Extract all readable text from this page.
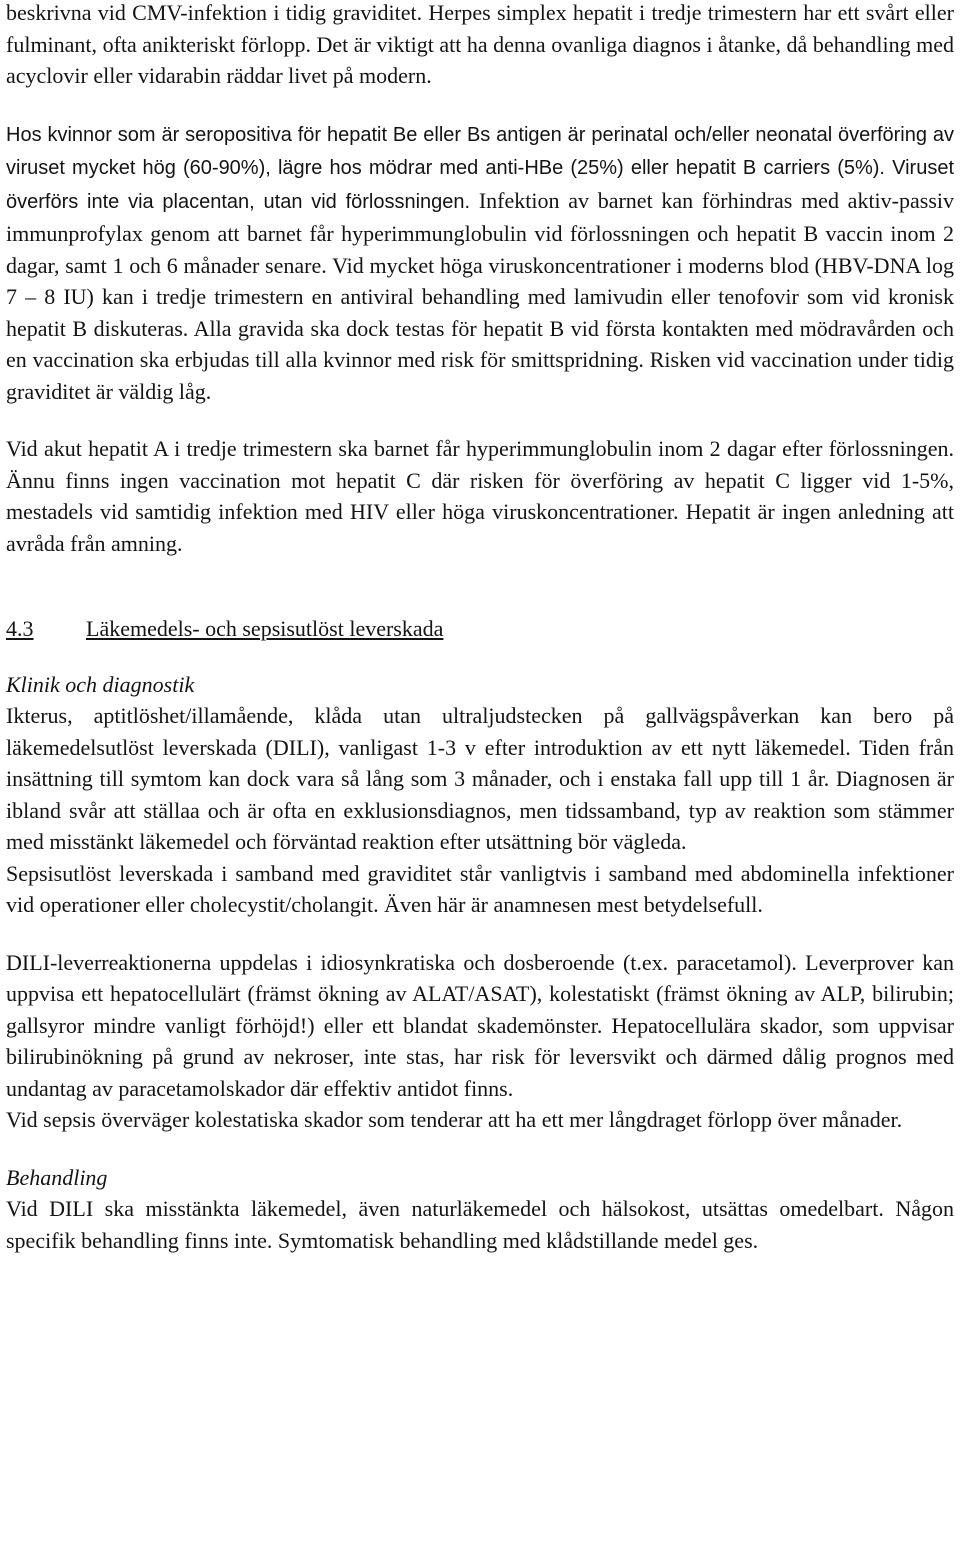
beskrivna vid CMV-infektion i tidig graviditet. Herpes simplex hepatit i tredje trimestern har ett svårt eller fulminant, ofta anikteriskt förlopp. Det är viktigt att ha denna ovanliga diagnos i åtanke, då behandling med acyclovir eller vidarabin räddar livet på modern.

Hos kvinnor som är seropositiva för hepatit Be eller Bs antigen är perinatal och/eller neonatal överföring av viruset mycket hög (60-90%), lägre hos mödrar med anti-HBe (25%) eller hepatit B carriers (5%). Viruset överförs inte via placentan, utan vid förlossningen. Infektion av barnet kan förhindras med aktiv-passiv immunprofylax genom att barnet får hyperimmunglobulin vid förlossningen och hepatit B vaccin inom 2 dagar, samt 1 och 6 månader senare. Vid mycket höga viruskoncentrationer i moderns blod (HBV-DNA log 7 – 8 IU) kan i tredje trimestern en antiviral behandling med lamivudin eller tenofovir som vid kronisk hepatit B diskuteras. Alla gravida ska dock testas för hepatit B vid första kontakten med mödravården och en vaccination ska erbjudas till alla kvinnor med risk för smittspridning. Risken vid vaccination under tidig graviditet är väldig låg.

Vid akut hepatit A i tredje trimestern ska barnet får hyperimmunglobulin inom 2 dagar efter förlossningen. Ännu finns ingen vaccination mot hepatit C där risken för överföring av hepatit C ligger vid 1-5%, mestadels vid samtidig infektion med HIV eller höga viruskoncentrationer. Hepatit är ingen anledning att avråda från amning.

4.3 Läkemedels- och sepsisutlöst leverskada
Klinik och diagnostik

Ikterus, aptitlöshet/illamående, klåda utan ultraljudstecken på gallvägspåverkan kan bero på läkemedelsutlöst leverskada (DILI), vanligast 1-3 v efter introduktion av ett nytt läkemedel. Tiden från insättning till symtom kan dock vara så lång som 3 månader, och i enstaka fall upp till 1 år. Diagnosen är ibland svår att ställaa och är ofta en exklusionsdiagnos, men tidssamband, typ av reaktion som stämmer med misstänkt läkemedel och förväntad reaktion efter utsättning bör vägleda.

Sepsisutlöst leverskada i samband med graviditet står vanligtvis i samband med abdominella infektioner vid operationer eller cholecystit/cholangit. Även här är anamnesen mest betydelsefull.

DILI-leverreaktionerna uppdelas i idiosynkratiska och dosberoende (t.ex. paracetamol). Leverprover kan uppvisa ett hepatocellulärt (främst ökning av ALAT/ASAT), kolestatiskt (främst ökning av ALP, bilirubin; gallsyror mindre vanligt förhöjd!) eller ett blandat skademönster. Hepatocellulära skador, som uppvisar bilirubinökning på grund av nekroser, inte stas, har risk för leversvikt och därmed dålig prognos med undantag av paracetamolskador där effektiv antidot finns.

Vid sepsis överväger kolestatiska skador som tenderar att ha ett mer långdraget förlopp över månader.

Behandling

Vid DILI ska misstänkta läkemedel, även naturläkemedel och hälsokost, utsättas omedelbart. Någon specifik behandling finns inte. Symtomatisk behandling med klådstillande medel ges.
